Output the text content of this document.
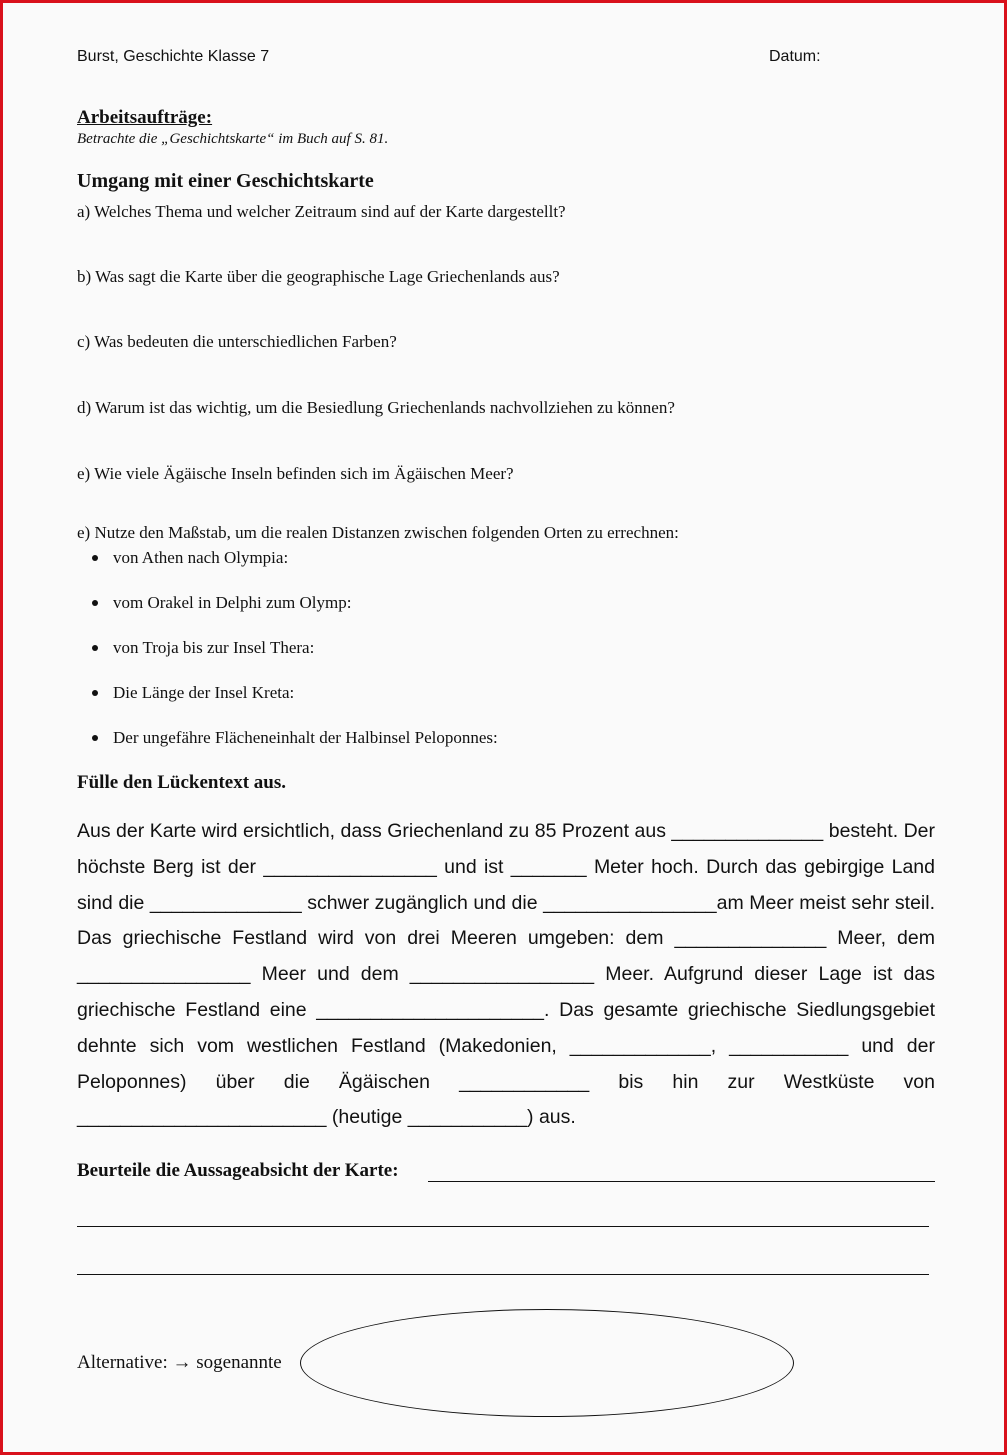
Burst, Geschichte Klasse 7	Datum:
Arbeitsaufträge:
Betrachte die „Geschichtskarte“ im Buch auf S. 81.
Umgang mit einer Geschichtskarte
a) Welches Thema und welcher Zeitraum sind auf der Karte dargestellt?
b) Was sagt die Karte über die geographische Lage Griechenlands aus?
c) Was bedeuten die unterschiedlichen Farben?
d) Warum ist das wichtig, um die Besiedlung Griechenlands nachvollziehen zu können?
e) Wie viele Ägäische Inseln befinden sich im Ägäischen Meer?
e) Nutze den Maßstab, um die realen Distanzen zwischen folgenden Orten zu errechnen:
von Athen nach Olympia:
vom Orakel in Delphi zum Olymp:
von Troja bis zur Insel Thera:
Die Länge der Insel Kreta:
Der ungefähre Flächeneinhalt der Halbinsel Peloponnes:
Fülle den Lückentext aus.

Aus der Karte wird ersichtlich, dass Griechenland zu 85 Prozent aus ______________ besteht. Der höchste Berg ist der ________________ und ist _______ Meter hoch. Durch das gebirgige Land sind die ______________ schwer zugänglich und die ________________am Meer meist sehr steil. Das griechische Festland wird von drei Meeren umgeben: dem ______________ Meer, dem ________________ Meer und dem _________________ Meer. Aufgrund dieser Lage ist das griechische Festland eine _____________________. Das gesamte griechische Siedlungsgebiet dehnte sich vom westlichen Festland (Makedonien, _____________, ___________ und der Peloponnes) über die Ägäischen ____________ bis hin zur Westküste von _______________________ (heutige ___________) aus.

Beurteile die Aussageabsicht der Karte:
Alternative: → sogenannte
